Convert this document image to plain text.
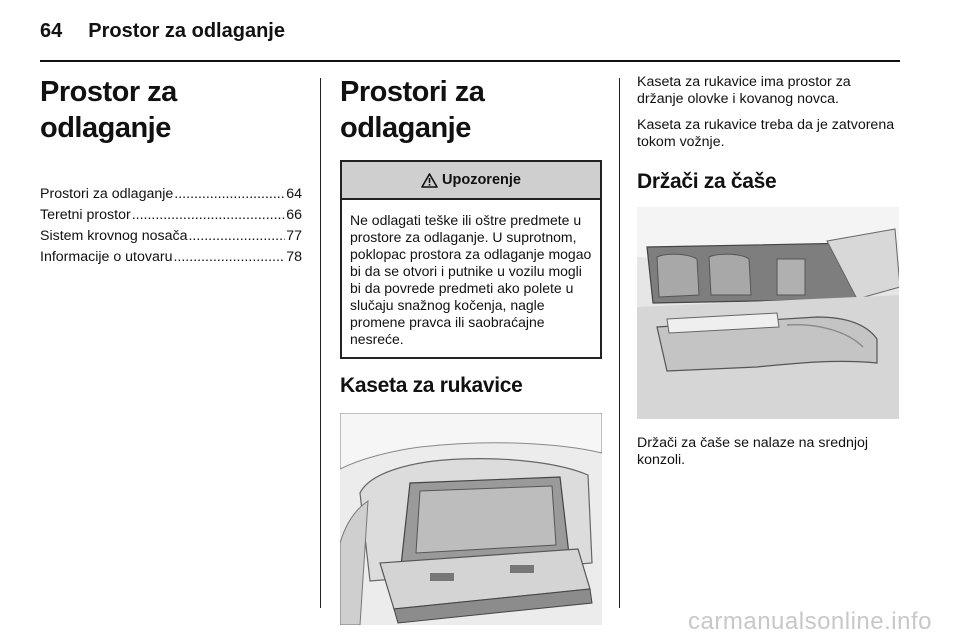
64 Prostor za odlaganje
Prostor za odlaganje
Prostori za odlaganje .....	64
Teretni prostor .....	66
Sistem krovnog nosača .....	77
Informacije o utovaru .....	78
Prostori za odlaganje
Upozorenje
Ne odlagati teške ili oštre predmete u prostore za odlaganje. U suprotnom, poklopac prostora za odlaganje mogao bi da se otvori i putnike u vozilu mogli bi da povrede predmeti ako polete u slučaju snažnog kočenja, nagle promene pravca ili saobraćajne nesreće.
Kaseta za rukavice

Kaseta za rukavice ima prostor za držanje olovke i kovanog novca.

Kaseta za rukavice treba da je zatvorena tokom vožnje.

Držači za čaše

Držači za čaše se nalaze na srednjoj konzoli.

carmanualsonline.info
